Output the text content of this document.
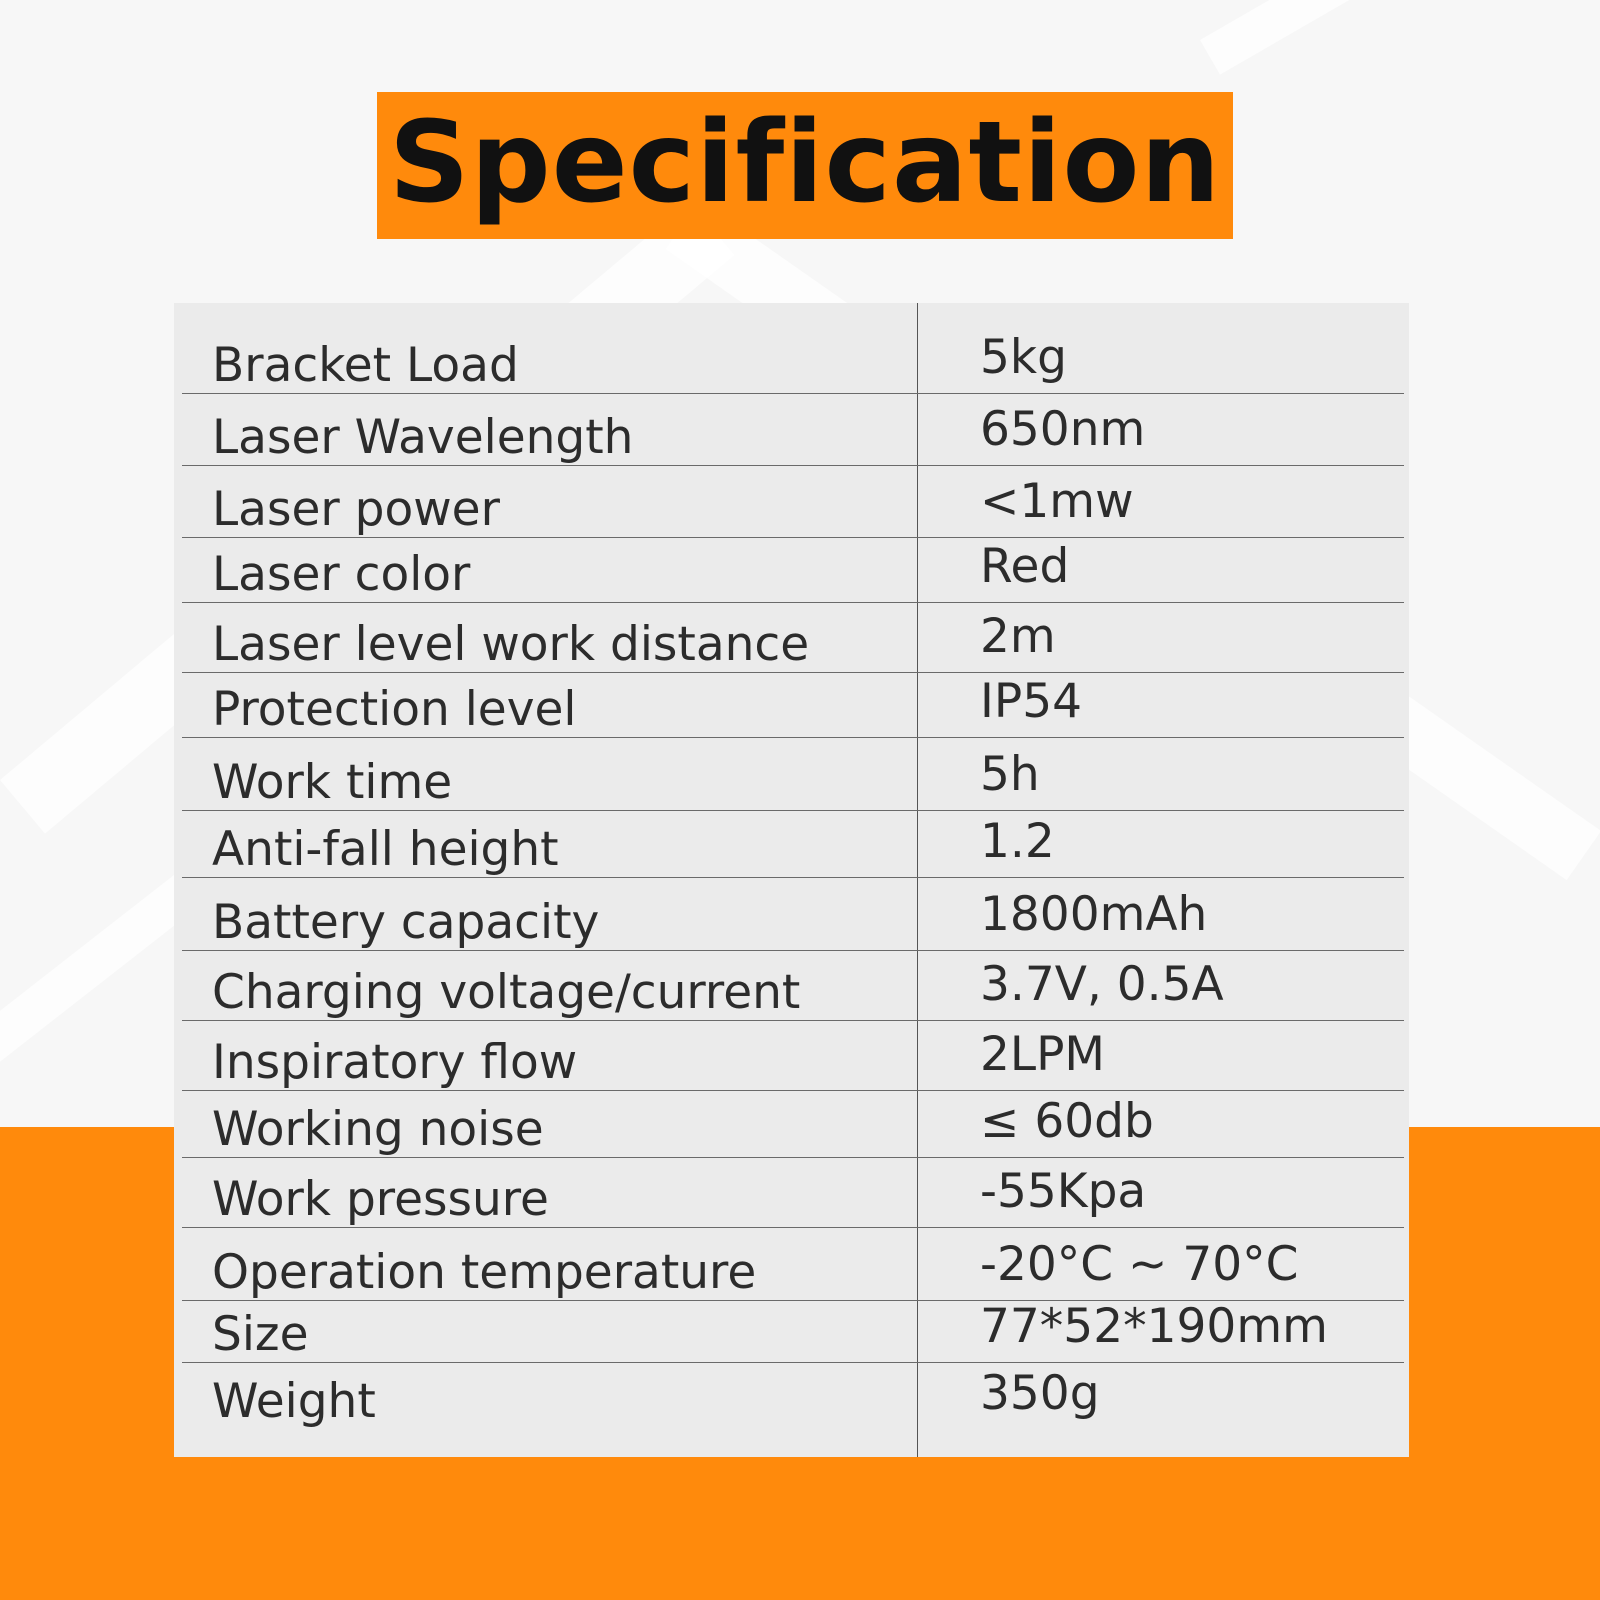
Specification
Bracket Load	5kg
Laser Wavelength	650nm
Laser power	<1mw
Laser color	Red
Laser level work distance	2m
Protection level	IP54
Work time	5h
Anti-fall height	1.2
Battery capacity	1800mAh
Charging voltage/current	3.7V, 0.5A
Inspiratory flow	2LPM
Working noise	≤ 60db
Work pressure	-55Kpa
Operation temperature	-20°C ~ 70°C
Size	77*52*190mm
Weight	350g
